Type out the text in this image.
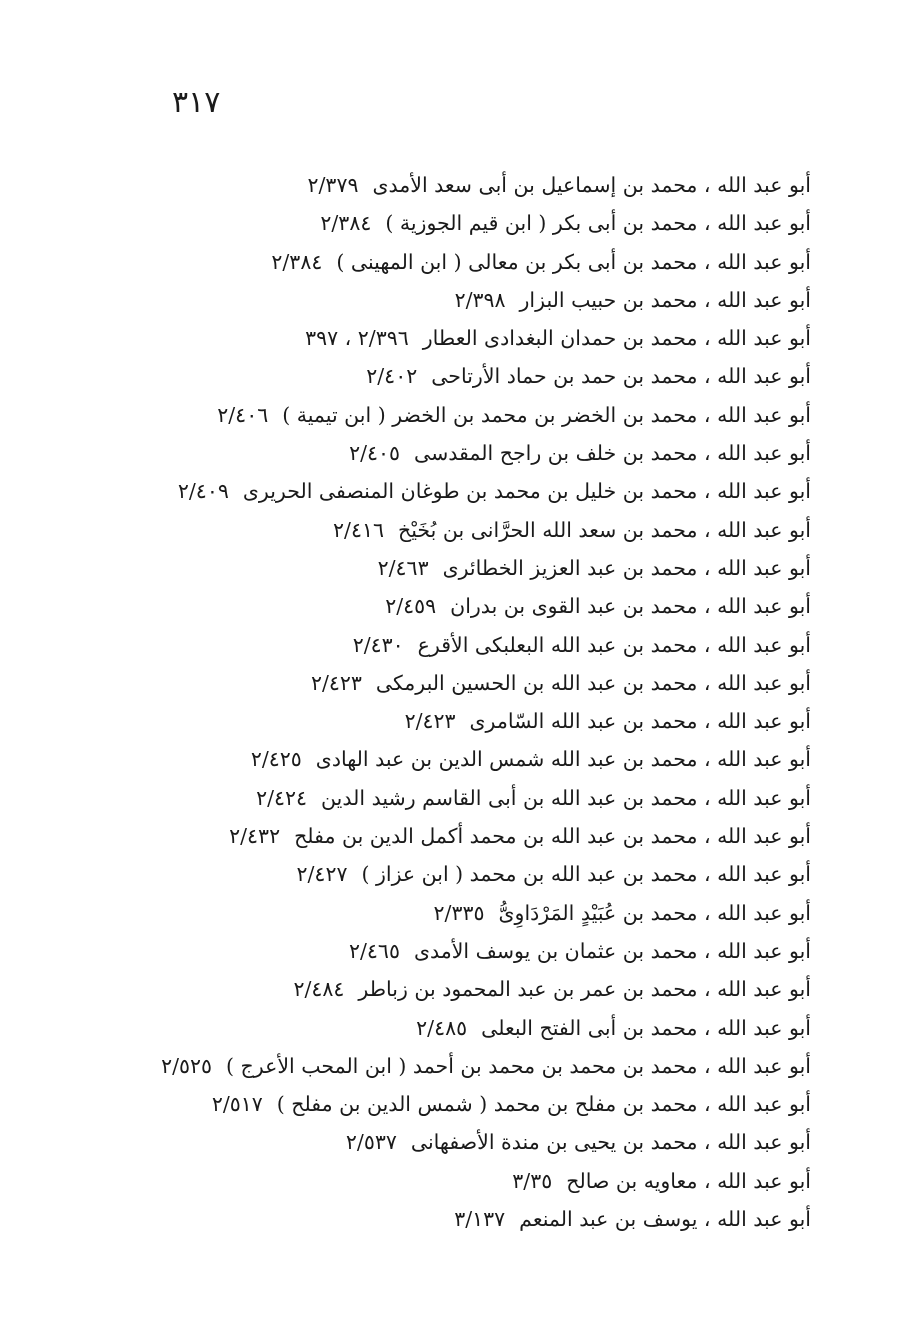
٣١٧
أبو عبد الله ، محمد بن إسماعيل بن أبى سعد الأمدى٢/٣٧٩
أبو عبد الله ، محمد بن أبى بكر ( ابن قيم الجوزية )٢/٣٨٤
أبو عبد الله ، محمد بن أبى بكر بن معالى ( ابن المهينى )٢/٣٨٤
أبو عبد الله ، محمد بن حبيب البزار٢/٣٩٨
أبو عبد الله ، محمد بن حمدان البغدادى العطار٢/٣٩٦ ، ٣٩٧
أبو عبد الله ، محمد بن حمد بن حماد الأرتاحى٢/٤٠٢
أبو عبد الله ، محمد بن الخضر بن محمد بن الخضر ( ابن تيمية )٢/٤٠٦
أبو عبد الله ، محمد بن خلف بن راجح المقدسى٢/٤٠٥
أبو عبد الله ، محمد بن خليل بن محمد بن طوغان المنصفى الحريرى٢/٤٠٩
أبو عبد الله ، محمد بن سعد الله الحرَّانى بن بُخَيْخ٢/٤١٦
أبو عبد الله ، محمد بن عبد العزيز الخطائرى٢/٤٦٣
أبو عبد الله ، محمد بن عبد القوى بن بدران٢/٤٥٩
أبو عبد الله ، محمد بن عبد الله البعلبكى الأقرع٢/٤٣٠
أبو عبد الله ، محمد بن عبد الله بن الحسين البرمكى٢/٤٢٣
أبو عبد الله ، محمد بن عبد الله السّامرى٢/٤٢٣
أبو عبد الله ، محمد بن عبد الله شمس الدين بن عبد الهادى٢/٤٢٥
أبو عبد الله ، محمد بن عبد الله بن أبى القاسم رشيد الدين٢/٤٢٤
أبو عبد الله ، محمد بن عبد الله بن محمد أكمل الدين بن مفلح٢/٤٣٢
أبو عبد الله ، محمد بن عبد الله بن محمد ( ابن عزاز )٢/٤٢٧
أبو عبد الله ، محمد بن عُبَيْدٍ المَرْدَاوِىُّ٢/٣٣٥
أبو عبد الله ، محمد بن عثمان بن يوسف الأمدى٢/٤٦٥
أبو عبد الله ، محمد بن عمر بن عبد المحمود بن زباطر٢/٤٨٤
أبو عبد الله ، محمد بن أبى الفتح البعلى٢/٤٨٥
أبو عبد الله ، محمد بن محمد بن محمد بن أحمد ( ابن المحب الأعرج )٢/٥٢٥
أبو عبد الله ، محمد بن مفلح بن محمد ( شمس الدين بن مفلح )٢/٥١٧
أبو عبد الله ، محمد بن يحيى بن مندة الأصفهانى٢/٥٣٧
أبو عبد الله ، معاويه بن صالح٣/٣٥
أبو عبد الله ، يوسف بن عبد المنعم٣/١٣٧
